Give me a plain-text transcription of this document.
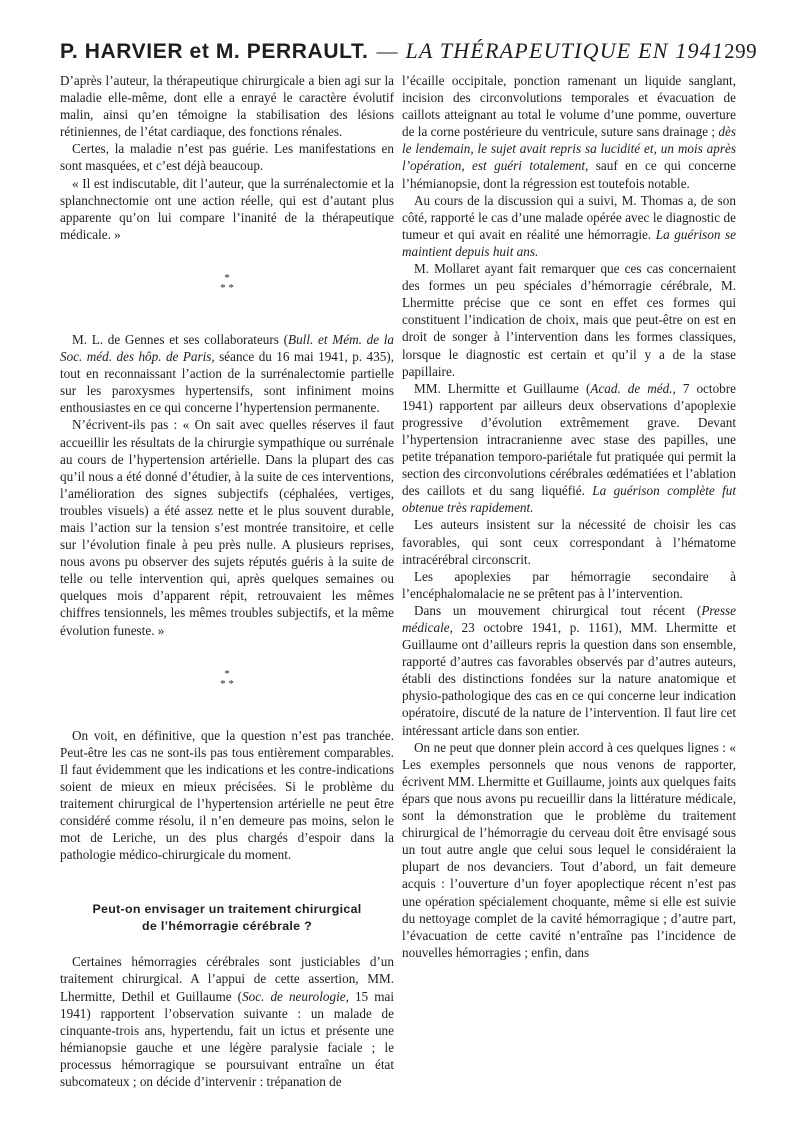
P. HARVIER et M. PERRAULT. — LA THÉRAPEUTIQUE EN 1941 299

D’après l’auteur, la thérapeutique chirurgicale a bien agi sur la maladie elle-même, dont elle a enrayé le caractère évolutif malin, ainsi qu’en témoigne la stabilisation des lésions rétiniennes, de l’état cardiaque, des fonctions rénales.

Certes, la maladie n’est pas guérie. Les manifestations en sont masquées, et c’est déjà beaucoup.

« Il est indiscutable, dit l’auteur, que la surrénalectomie et la splanchnectomie ont une action réelle, qui est d’autant plus apparente qu’on lui compare l’inanité de la thérapeutique médicale. »

*
* *

M. L. de Gennes et ses collaborateurs (Bull. et Mém. de la Soc. méd. des hôp. de Paris, séance du 16 mai 1941, p. 435), tout en reconnaissant l’action de la surrénalectomie partielle sur les paroxysmes hypertensifs, sont infiniment moins enthousiastes en ce qui concerne l’hypertension permanente.

N’écrivent-ils pas : « On sait avec quelles réserves il faut accueillir les résultats de la chirurgie sympathique ou surrénale au cours de l’hypertension artérielle. Dans la plupart des cas qu’il nous a été donné d’étudier, à la suite de ces interventions, l’amélioration des signes subjectifs (céphalées, vertiges, troubles visuels) a été assez nette et le plus souvent durable, mais l’action sur la tension s’est montrée transitoire, et celle sur l’évolution finale à peu près nulle. A plusieurs reprises, nous avons pu observer des sujets réputés guéris à la suite de telle ou telle intervention qui, après quelques semaines ou quelques mois d’apparent répit, retrouvaient les mêmes chiffres tensionnels, les mêmes troubles subjectifs, et la même évolution funeste. »

*
* *

On voit, en définitive, que la question n’est pas tranchée. Peut-être les cas ne sont-ils pas tous entièrement comparables. Il faut évidemment que les indications et les contre-indications soient de mieux en mieux précisées. Si le problème du traitement chirurgical de l’hypertension artérielle ne peut être considéré comme résolu, il n’en demeure pas moins, selon le mot de Leriche, un des plus chargés d’espoir dans la pathologie médico-chirurgicale du moment.

Peut-on envisager un traitement chirurgical
de l’hémorragie cérébrale ?

Certaines hémorragies cérébrales sont justiciables d’un traitement chirurgical. A l’appui de cette assertion, MM. Lhermitte, Dethil et Guillaume (Soc. de neurologie, 15 mai 1941) rapportent l’observation suivante : un malade de cinquante-trois ans, hypertendu, fait un ictus et présente une hémianopsie gauche et une légère paralysie faciale ; le processus hémorragique se poursuivant entraîne un état subcomateux ; on décide d’intervenir : trépanation de

l’écaille occipitale, ponction ramenant un liquide sanglant, incision des circonvolutions temporales et évacuation de caillots atteignant au total le volume d’une pomme, ouverture de la corne postérieure du ventricule, suture sans drainage ; dès le lendemain, le sujet avait repris sa lucidité et, un mois après l’opération, est guéri totalement, sauf en ce qui concerne l’hémianopsie, dont la régression est toutefois notable.

Au cours de la discussion qui a suivi, M. Thomas a, de son côté, rapporté le cas d’une malade opérée avec le diagnostic de tumeur et qui avait en réalité une hémorragie. La guérison se maintient depuis huit ans.

M. Mollaret ayant fait remarquer que ces cas concernaient des formes un peu spéciales d’hémorragie cérébrale, M. Lhermitte précise que ce sont en effet ces formes qui constituent l’indication de choix, mais que peut-être on est en droit de songer à l’intervention dans les formes classiques, lorsque le diagnostic est certain et qu’il y a de la stase papillaire.

MM. Lhermitte et Guillaume (Acad. de méd., 7 octobre 1941) rapportent par ailleurs deux observations d’apoplexie progressive d’évolution extrêmement grave. Devant l’hypertension intracranienne avec stase des papilles, une petite trépanation temporo-pariétale fut pratiquée qui permit la section des circonvolutions cérébrales œdématiées et l’ablation des caillots et du sang liquéfié. La guérison complète fut obtenue très rapidement.

Les auteurs insistent sur la nécessité de choisir les cas favorables, qui sont ceux correspondant à l’hématome intracérébral circonscrit.

Les apoplexies par hémorragie secondaire à l’encéphalomalacie ne se prêtent pas à l’intervention.

Dans un mouvement chirurgical tout récent (Presse médicale, 23 octobre 1941, p. 1161), MM. Lhermitte et Guillaume ont d’ailleurs repris la question dans son ensemble, rapporté d’autres cas favorables observés par d’autres auteurs, établi des distinctions fondées sur la nature anatomique et physio-pathologique des cas en ce qui concerne leur indication opératoire, discuté de la nature de l’intervention. Il faut lire cet intéressant article dans son entier.

On ne peut que donner plein accord à ces quelques lignes : « Les exemples personnels que nous venons de rapporter, écrivent MM. Lhermitte et Guillaume, joints aux quelques faits épars que nous avons pu recueillir dans la littérature médicale, sont la démonstration que le problème du traitement chirurgical de l’hémorragie du cerveau doit être envisagé sous un tout autre angle que celui sous lequel le considéraient la plupart de nos devanciers. Tout d’abord, un fait demeure acquis : l’ouverture d’un foyer apoplectique récent n’est pas une opération spécialement choquante, même si elle est suivie du nettoyage complet de la cavité hémorragique ; d’autre part, l’évacuation de cette cavité n’entraîne pas l’incidence de nouvelles hémorragies ; enfin, dans
